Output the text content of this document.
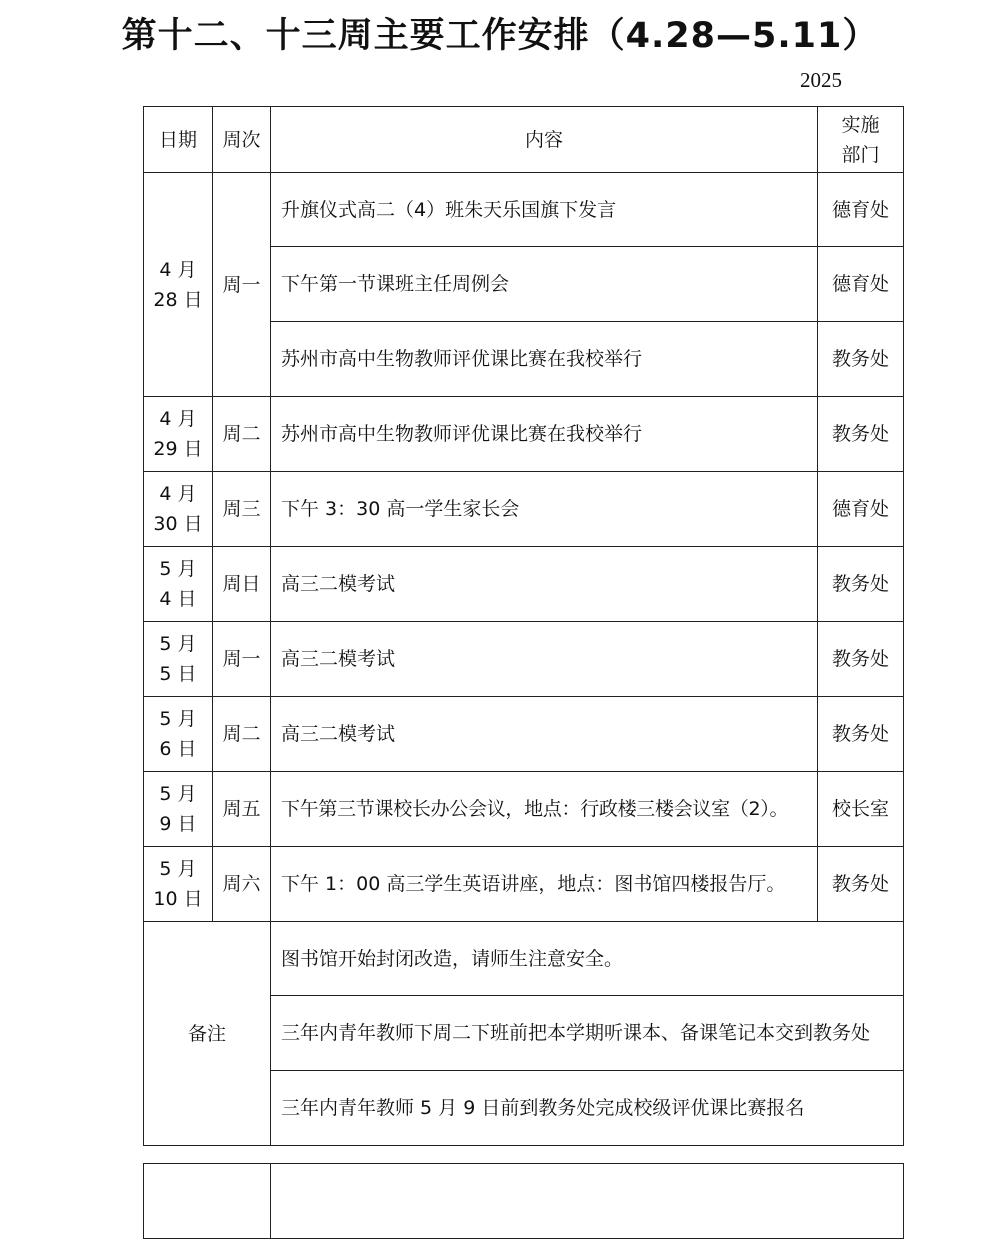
第十二、十三周主要工作安排（4.28—5.11）
2025
日期	周次	内容	实施
部门

4 月
28 日	周一	升旗仪式高二（4）班朱天乐国旗下发言	德育处
		下午第一节课班主任周例会	德育处
		苏州市高中生物教师评优课比赛在我校举行	教务处

4 月
29 日	周二	苏州市高中生物教师评优课比赛在我校举行	教务处

4 月
30 日	周三	下午 3：30 高一学生家长会	德育处

5 月
4 日	周日	高三二模考试	教务处

5 月
5 日	周一	高三二模考试	教务处

5 月
6 日	周二	高三二模考试	教务处

5 月
9 日	周五	下午第三节课校长办公会议，地点：行政楼三楼会议室（2）。	校长室

5 月
10 日	周六	下午 1：00 高三学生英语讲座，地点：图书馆四楼报告厅。	教务处
备注		图书馆开始封闭改造，请师生注意安全。	
		三年内青年教师下周二下班前把本学期听课本、备课笔记本交到教务处	
		三年内青年教师 5 月 9 日前到教务处完成校级评优课比赛报名	
